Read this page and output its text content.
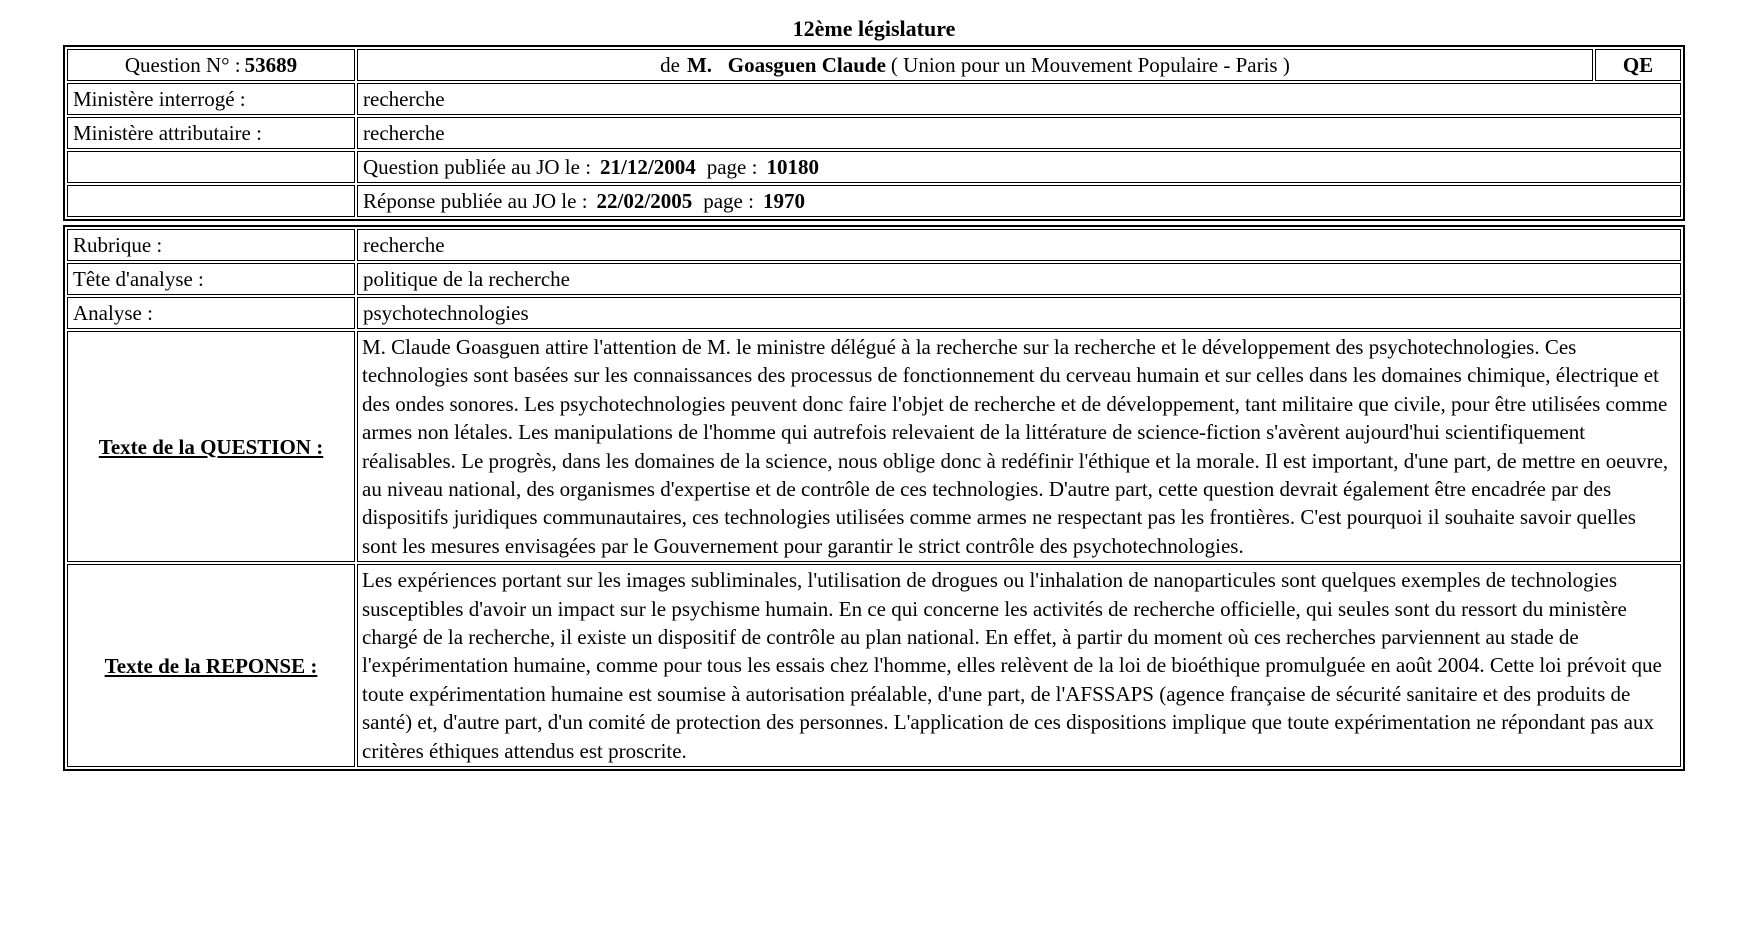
12ème législature
Question N° : 53689	de M.   Goasguen Claude ( Union pour un Mouvement Populaire - Paris )	QE
Ministère interrogé :	recherche	
Ministère attributaire :	recherche	
	Question publiée au JO le : 21/12/2004 page : 10180	
	Réponse publiée au JO le : 22/02/2005 page : 1970	
Rubrique :	recherche
Tête d'analyse :	politique de la recherche
Analyse :	psychotechnologies
Texte de la QUESTION :	M. Claude Goasguen attire l'attention de M. le ministre délégué à la recherche sur la recherche et le développement des psychotechnologies. Ces technologies sont basées sur les connaissances des processus de fonctionnement du cerveau humain et sur celles dans les domaines chimique, électrique et des ondes sonores. Les psychotechnologies peuvent donc faire l'objet de recherche et de développement, tant militaire que civile, pour être utilisées comme armes non létales. Les manipulations de l'homme qui autrefois relevaient de la littérature de science-fiction s'avèrent aujourd'hui scientifiquement réalisables. Le progrès, dans les domaines de la science, nous oblige donc à redéfinir l'éthique et la morale. Il est important, d'une part, de mettre en oeuvre, au niveau national, des organismes d'expertise et de contrôle de ces technologies. D'autre part, cette question devrait également être encadrée par des dispositifs juridiques communautaires, ces technologies utilisées comme armes ne respectant pas les frontières. C'est pourquoi il souhaite savoir quelles sont les mesures envisagées par le Gouvernement pour garantir le strict contrôle des psychotechnologies.
Texte de la REPONSE :	Les expériences portant sur les images subliminales, l'utilisation de drogues ou l'inhalation de nanoparticules sont quelques exemples de technologies susceptibles d'avoir un impact sur le psychisme humain. En ce qui concerne les activités de recherche officielle, qui seules sont du ressort du ministère chargé de la recherche, il existe un dispositif de contrôle au plan national. En effet, à partir du moment où ces recherches parviennent au stade de l'expérimentation humaine, comme pour tous les essais chez l'homme, elles relèvent de la loi de bioéthique promulguée en août 2004. Cette loi prévoit que toute expérimentation humaine est soumise à autorisation préalable, d'une part, de l'AFSSAPS (agence française de sécurité sanitaire et des produits de santé) et, d'autre part, d'un comité de protection des personnes. L'application de ces dispositions implique que toute expérimentation ne répondant pas aux critères éthiques attendus est proscrite.
